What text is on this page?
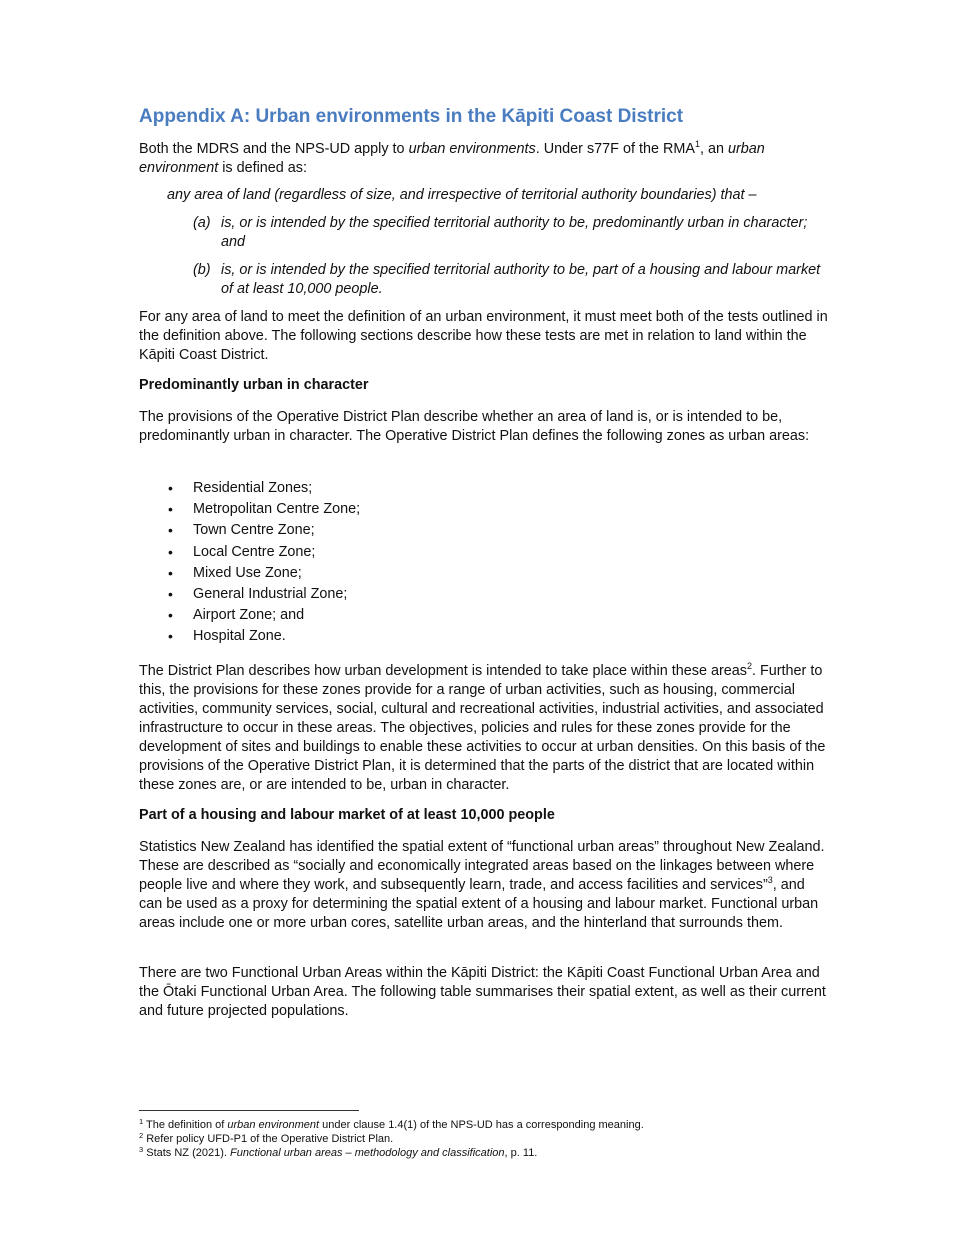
Appendix A: Urban environments in the Kāpiti Coast District
Both the MDRS and the NPS-UD apply to urban environments. Under s77F of the RMA$^1$, an urban environment is defined as:
any area of land (regardless of size, and irrespective of territorial authority boundaries) that –
(a) is, or is intended by the specified territorial authority to be, predominantly urban in character; and
(b) is, or is intended by the specified territorial authority to be, part of a housing and labour market of at least 10,000 people.
For any area of land to meet the definition of an urban environment, it must meet both of the tests outlined in the definition above. The following sections describe how these tests are met in relation to land within the Kāpiti Coast District.
Predominantly urban in character
The provisions of the Operative District Plan describe whether an area of land is, or is intended to be, predominantly urban in character. The Operative District Plan defines the following zones as urban areas:
• Residential Zones;
• Metropolitan Centre Zone;
• Town Centre Zone;
• Local Centre Zone;
• Mixed Use Zone;
• General Industrial Zone;
• Airport Zone; and
• Hospital Zone.
The District Plan describes how urban development is intended to take place within these areas$^2$. Further to this, the provisions for these zones provide for a range of urban activities, such as housing, commercial activities, community services, social, cultural and recreational activities, industrial activities, and associated infrastructure to occur in these areas. The objectives, policies and rules for these zones provide for the development of sites and buildings to enable these activities to occur at urban densities. On this basis of the provisions of the Operative District Plan, it is determined that the parts of the district that are located within these zones are, or are intended to be, urban in character.
Part of a housing and labour market of at least 10,000 people
Statistics New Zealand has identified the spatial extent of “functional urban areas” throughout New Zealand. These are described as “socially and economically integrated areas based on the linkages between where people live and where they work, and subsequently learn, trade, and access facilities and services”$^3$, and can be used as a proxy for determining the spatial extent of a housing and labour market. Functional urban areas include one or more urban cores, satellite urban areas, and the hinterland that surrounds them.
There are two Functional Urban Areas within the Kāpiti District: the Kāpiti Coast Functional Urban Area and the Ōtaki Functional Urban Area. The following table summarises their spatial extent, as well as their current and future projected populations.
$^1$ The definition of urban environment under clause 1.4(1) of the NPS-UD has a corresponding meaning.
$^2$ Refer policy UFD-P1 of the Operative District Plan.
$^3$ Stats NZ (2021). Functional urban areas – methodology and classification, p. 11.
